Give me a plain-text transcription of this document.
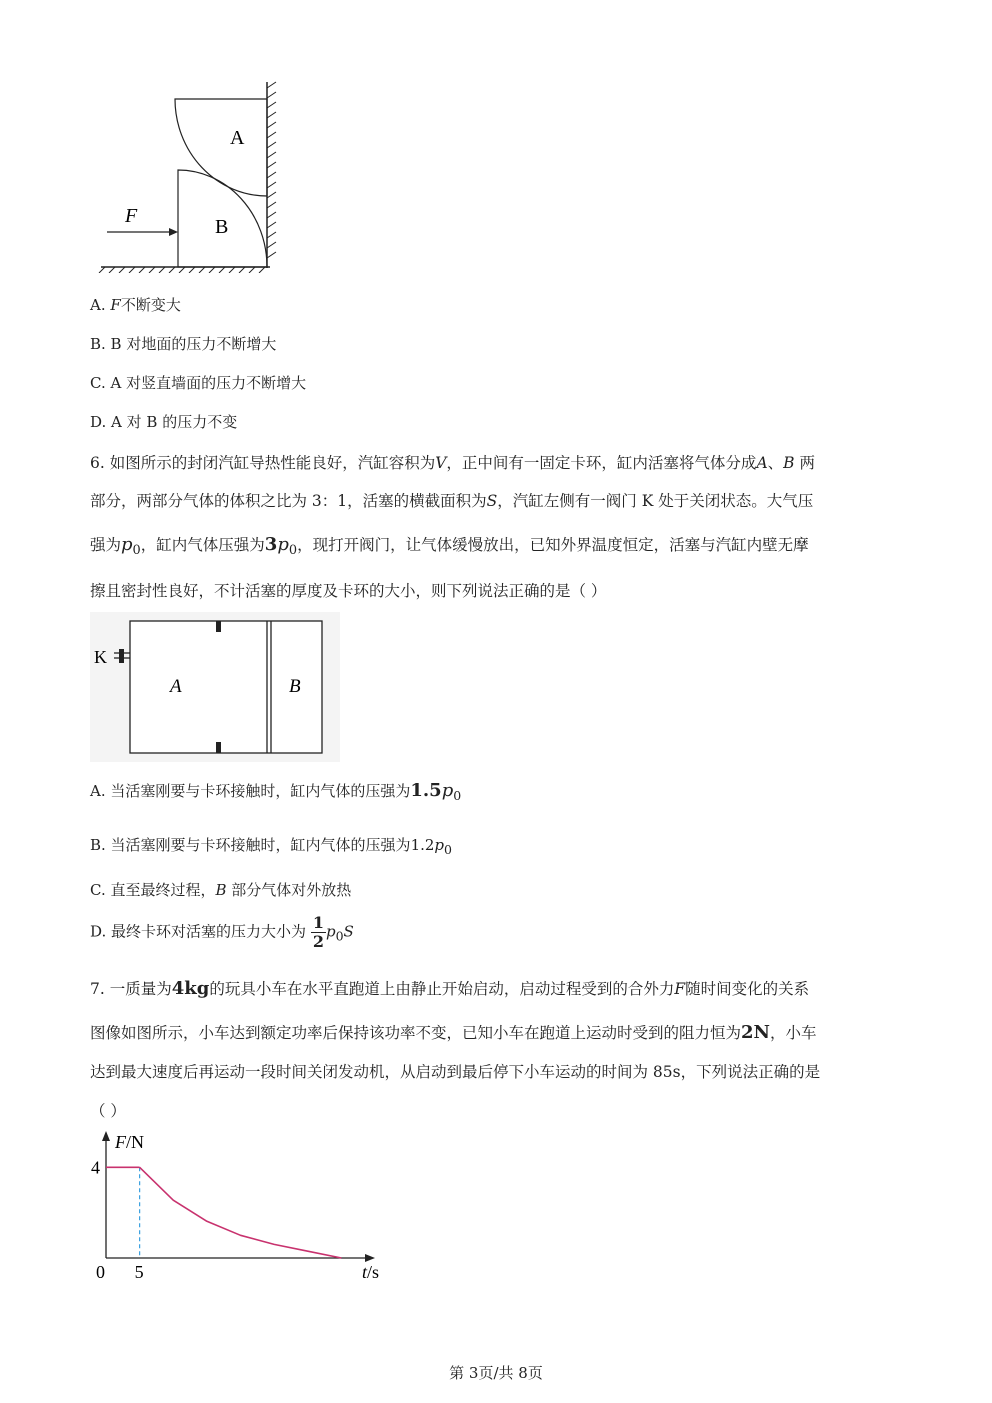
A
B
F
A. F不断变大
B. B 对地面的压力不断增大
C. A 对竖直墙面的压力不断增大
D. A 对 B 的压力不变
6. 如图所示的封闭汽缸导热性能良好，汽缸容积为V，正中间有一固定卡环，缸内活塞将气体分成A、B 两
部分，两部分气体的体积之比为 3：1，活塞的横截面积为S，汽缸左侧有一阀门 K 处于关闭状态。大气压
强为$p_0$，缸内气体压强为$3p_0$，现打开阀门，让气体缓慢放出，已知外界温度恒定，活塞与汽缸内壁无摩
擦且密封性良好，不计活塞的厚度及卡环的大小，则下列说法正确的是（ ）
K
A	B
A. 当活塞刚要与卡环接触时，缸内气体的压强为$1.5p_0$
B. 当活塞刚要与卡环接触时，缸内气体的压强为$1.2p_0$
C. 直至最终过程，B 部分气体对外放热
D. 最终卡环对活塞的压力大小为 $\frac{1}{2} p_0S$
7. 一质量为4kg的玩具小车在水平直跑道上由静止开始启动，启动过程受到的合外力F随时间变化的关系
图像如图所示，小车达到额定功率后保持该功率不变，已知小车在跑道上运动时受到的阻力恒为2N，小车
达到最大速度后再运动一段时间关闭发动机，从启动到最后停下小车运动的时间为 85s，下列说法正确的是
（ ）
F/N
t/s
4
0 5
第 3页/共 8页
